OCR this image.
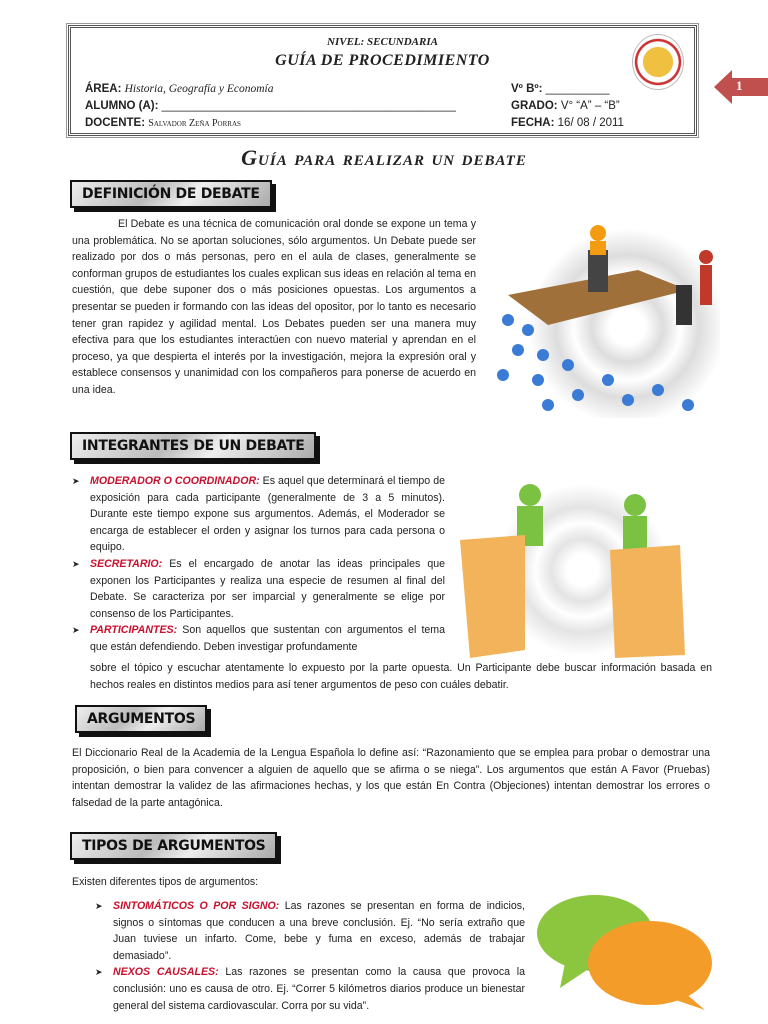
NIVEL: SECUNDARIA
GUÍA DE PROCEDIMIENTO
ÁREA: Historia, Geografía y Economía
ALUMNO (A): ______________________________________________
DOCENTE: Salvador Zeña Porras
Vº Bº: __________
GRADO: V° “A” – “B”
FECHA: 16/ 08 / 2011
1
Guía para realizar un debate
DEFINICIÓN DE DEBATE
El Debate es una técnica de comunicación oral donde se expone un tema y una problemática. No se aportan soluciones, sólo argumentos. Un Debate puede ser realizado por dos o más personas, pero en el aula de clases, generalmente se conforman grupos de estudiantes los cuales explican sus ideas en relación al tema en cuestión, que debe suponer dos o más posiciones opuestas. Los argumentos a presentar se pueden ir formando con las ideas del opositor, por lo tanto es necesario tener gran rapidez y agilidad mental. Los Debates pueden ser una manera muy efectiva para que los estudiantes interactúen con nuevo material y aprendan en el proceso, ya que despierta el interés por la investigación, mejora la expresión oral y establece consensos y unanimidad con los compañeros para ponerse de acuerdo en una idea.
INTEGRANTES DE UN DEBATE
➤ MODERADOR O COORDINADOR: Es aquel que determinará el tiempo de exposición para cada participante (generalmente de 3 a 5 minutos). Durante este tiempo expone sus argumentos. Además, el Moderador se encarga de establecer el orden y asignar los turnos para cada persona o equipo.
➤ SECRETARIO: Es el encargado de anotar las ideas principales que exponen los Participantes y realiza una especie de resumen al final del Debate. Se caracteriza por ser imparcial y generalmente se elige por consenso de los Participantes.
➤ PARTICIPANTES: Son aquellos que sustentan con argumentos el tema que están defendiendo. Deben investigar profundamente
sobre el tópico y escuchar atentamente lo expuesto por la parte opuesta. Un Participante debe buscar información basada en hechos reales en distintos medios para así tener argumentos de peso con cuáles debatir.
ARGUMENTOS
El Diccionario Real de la Academia de la Lengua Española lo define así: “Razonamiento que se emplea para probar o demostrar una proposición, o bien para convencer a alguien de aquello que se afirma o se niega”. Los argumentos que están A Favor (Pruebas) intentan demostrar la validez de las afirmaciones hechas, y los que están En Contra (Objeciones) intentan demostrar los errores o falsedad de la parte antagónica.
TIPOS DE ARGUMENTOS
Existen diferentes tipos de argumentos:
➤ SINTOMÁTICOS O POR SIGNO: Las razones se presentan en forma de indicios, signos o síntomas que conducen a una breve conclusión. Ej. “No sería extraño que Juan tuviese un infarto. Come, bebe y fuma en exceso, además de trabajar demasiado”.
➤ NEXOS CAUSALES: Las razones se presentan como la causa que provoca la conclusión: uno es causa de otro. Ej. “Correr 5 kilómetros diarios produce un bienestar general del sistema cardiovascular. Corra por su vida”.
